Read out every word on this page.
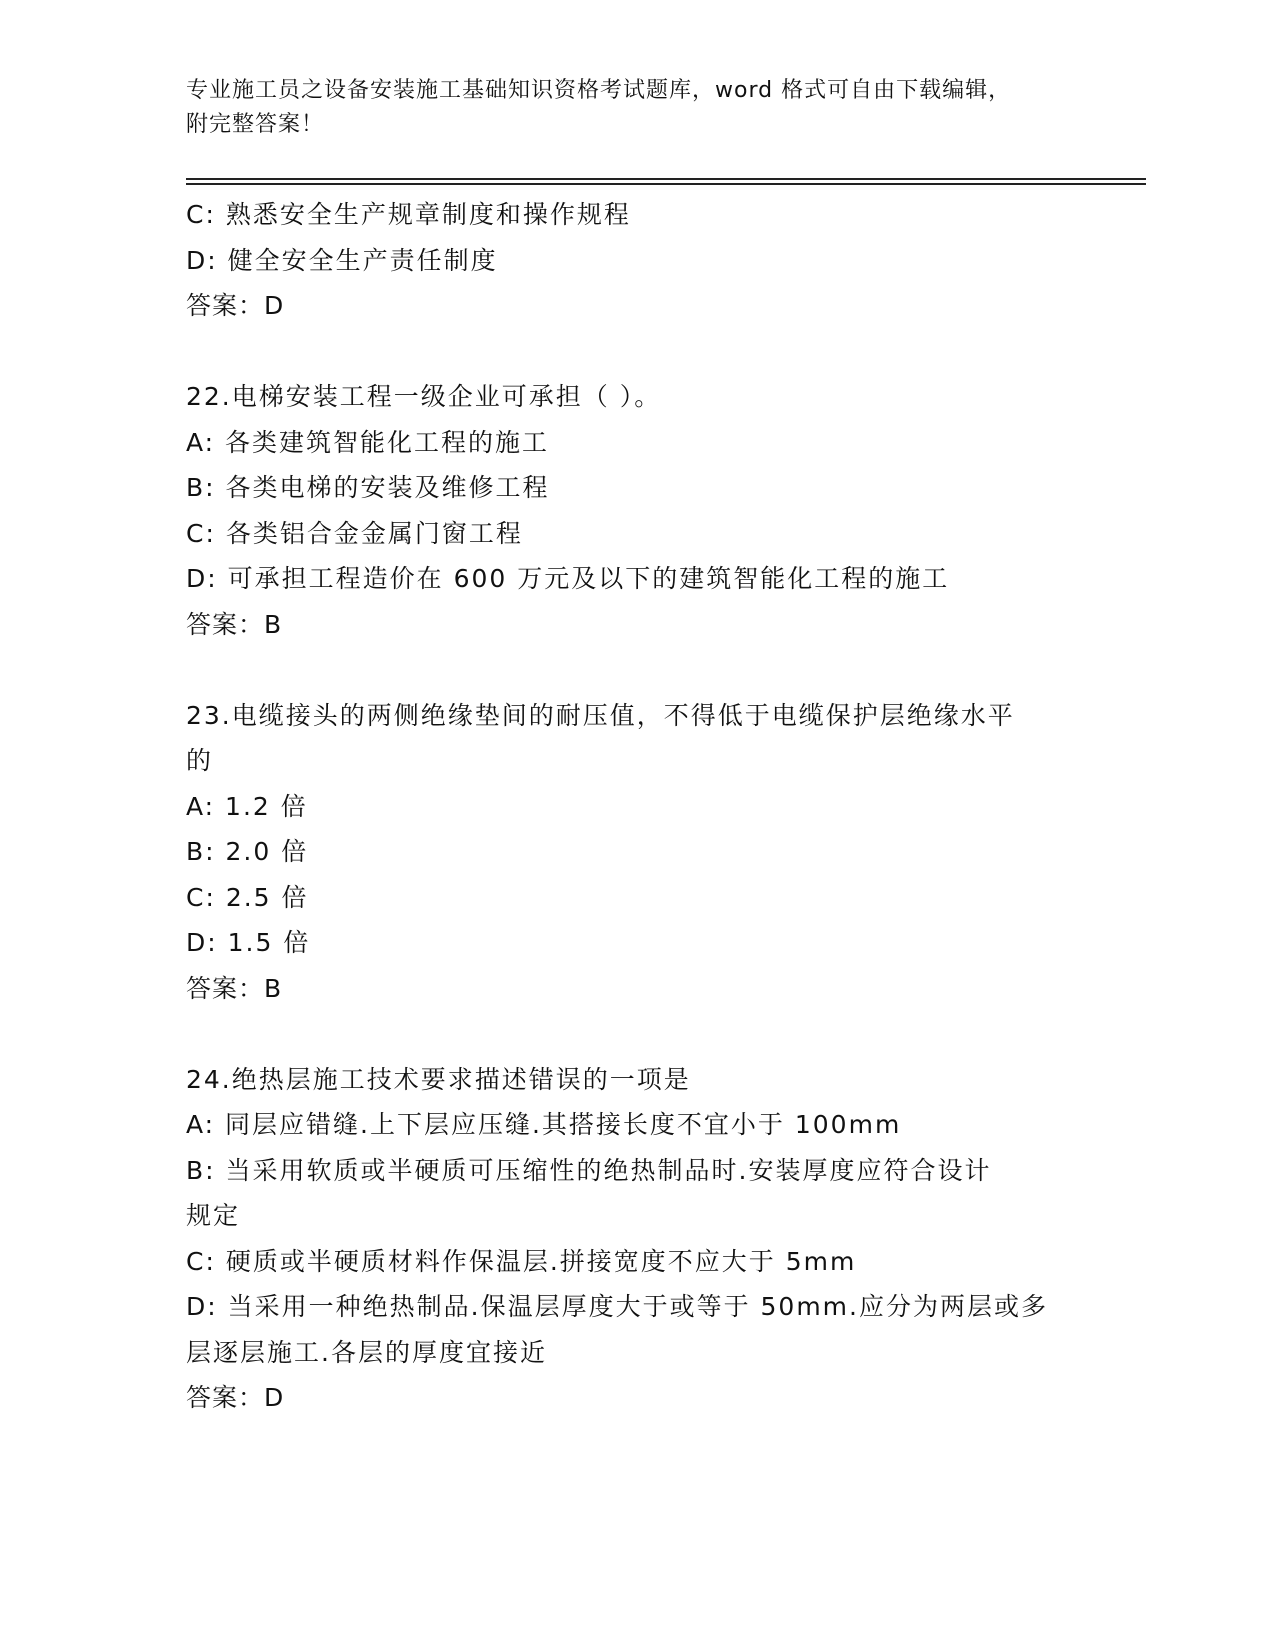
专业施工员之设备安装施工基础知识资格考试题库，word 格式可自由下载编辑，
附完整答案！
C: 熟悉安全生产规章制度和操作规程
D: 健全安全生产责任制度
答案：D
22.电梯安装工程一级企业可承担（ ）。
A: 各类建筑智能化工程的施工
B: 各类电梯的安装及维修工程
C: 各类铝合金金属门窗工程
D: 可承担工程造价在 600 万元及以下的建筑智能化工程的施工
答案：B
23.电缆接头的两侧绝缘垫间的耐压值，不得低于电缆保护层绝缘水平
的
A: 1.2 倍
B: 2.0 倍
C: 2.5 倍
D: 1.5 倍
答案：B
24.绝热层施工技术要求描述错误的一项是
A: 同层应错缝.上下层应压缝.其搭接长度不宜小于 100mm
B: 当采用软质或半硬质可压缩性的绝热制品时.安装厚度应符合设计
规定
C: 硬质或半硬质材料作保温层.拼接宽度不应大于 5mm
D: 当采用一种绝热制品.保温层厚度大于或等于 50mm.应分为两层或多
层逐层施工.各层的厚度宜接近
答案：D
